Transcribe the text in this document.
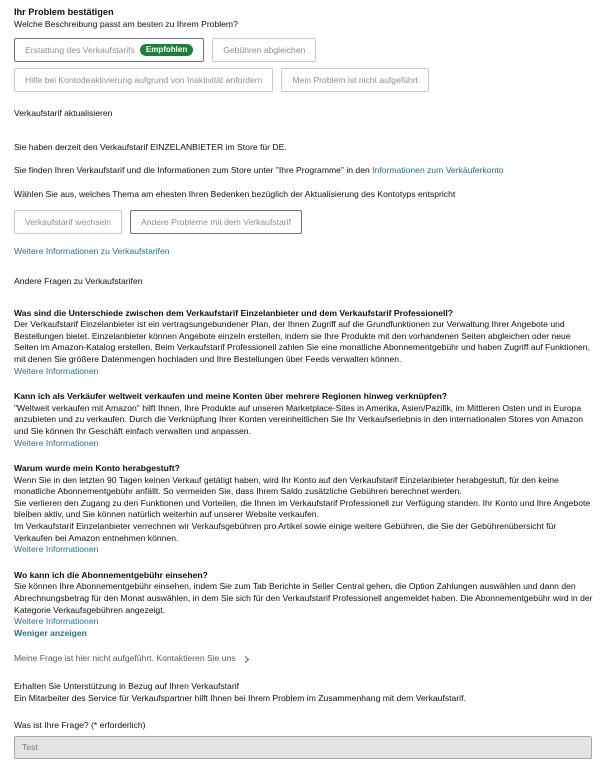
Ihr Problem bestätigen

Welche Beschreibung passt am besten zu Ihrem Problem?

Erstattung des Verkaufstarifs	Empfohlen	Gebühren abgleichen
Hilfe bei Kontodeaktivierung aufgrund von Inaktivität anfordern	Mein Problem ist nicht aufgeführt

Verkaufstarif aktualisieren

Sie haben derzeit den Verkaufstarif EINZELANBIETER im Store für DE.

Sie finden Ihren Verkaufstarif und die Informationen zum Store unter "Ihre Programme" in den Informationen zum Verkäuferkonto

Wählen Sie aus, welches Thema am ehesten Ihren Bedenken bezüglich der Aktualisierung des Kontotyps entspricht

Verkaufstarif wechseln	Andere Probleme mit dem Verkaufstarif

Weitere Informationen zu Verkaufstarifen

Andere Fragen zu Verkaufstarifen

Was sind die Unterschiede zwischen dem Verkaufstarif Einzelanbieter und dem Verkaufstarif Professionell?

Der Verkaufstarif Einzelanbieter ist ein vertragsungebundener Plan, der Ihnen Zugriff auf die Grundfunktionen zur Verwaltung Ihrer Angebote und Bestellungen bietet. Einzelanbieter können Angebote einzeln erstellen, indem sie Ihre Produkte mit den vorhandenen Seiten abgleichen oder neue Seiten im Amazon-Katalog erstellen. Beim Verkaufstarif Professionell zahlen Sie eine monatliche Abonnementgebühr und haben Zugriff auf Funktionen, mit denen Sie größere Datenmengen hochladen und Ihre Bestellungen über Feeds verwalten können.

Weitere Informationen

Kann ich als Verkäufer weltweit verkaufen und meine Konten über mehrere Regionen hinweg verknüpfen?

"Weltweit verkaufen mit Amazon" hilft Ihnen, Ihre Produkte auf unseren Marketplace-Sites in Amerika, Asien/Pazifik, im Mittleren Osten und in Europa anzubieten und zu verkaufen. Durch die Verknüpfung Ihrer Konten vereinheitlichen Sie Ihr Verkaufserlebnis in den internationalen Stores von Amazon und Sie können Ihr Geschäft einfach verwalten und anpassen.

Weitere Informationen

Warum wurde mein Konto herabgestuft?

Wenn Sie in den letzten 90 Tagen keinen Verkauf getätigt haben, wird Ihr Konto auf den Verkaufstarif Einzelanbieter herabgestuft, für den keine monatliche Abonnementgebühr anfällt. So vermeiden Sie, dass Ihrem Saldo zusätzliche Gebühren berechnet werden.

Sie verlieren den Zugang zu den Funktionen und Vorteilen, die Ihnen im Verkaufstarif Professionell zur Verfügung standen. Ihr Konto und Ihre Angebote bleiben aktiv, und Sie können natürlich weiterhin auf unserer Website verkaufen.

Im Verkaufstarif Einzelanbieter verrechnen wir Verkaufsgebühren pro Artikel sowie einige weitere Gebühren, die Sie der Gebührenübersicht für Verkaufen bei Amazon entnehmen können.

Weitere Informationen

Wo kann ich die Abonnementgebühr einsehen?

Sie können Ihre Abonnementgebühr einsehen, indem Sie zum Tab Berichte in Seller Central gehen, die Option Zahlungen auswählen und dann den Abrechnungsbetrag für den Monat auswählen, in dem Sie sich für den Verkaufstarif Professionell angemeldet haben. Die Abonnementgebühr wird in der Kategorie Verkaufsgebühren angezeigt.

Weitere Informationen

Weniger anzeigen

Meine Frage ist hier nicht aufgeführt. Kontaktieren Sie uns

Erhalten Sie Unterstützung in Bezug auf Ihren Verkaufstarif

Ein Mitarbeiter des Service für Verkaufspartner hilft Ihnen bei Ihrem Problem im Zusammenhang mit dem Verkaufstarif.

Was ist Ihre Frage? (* erforderlich)

Test
